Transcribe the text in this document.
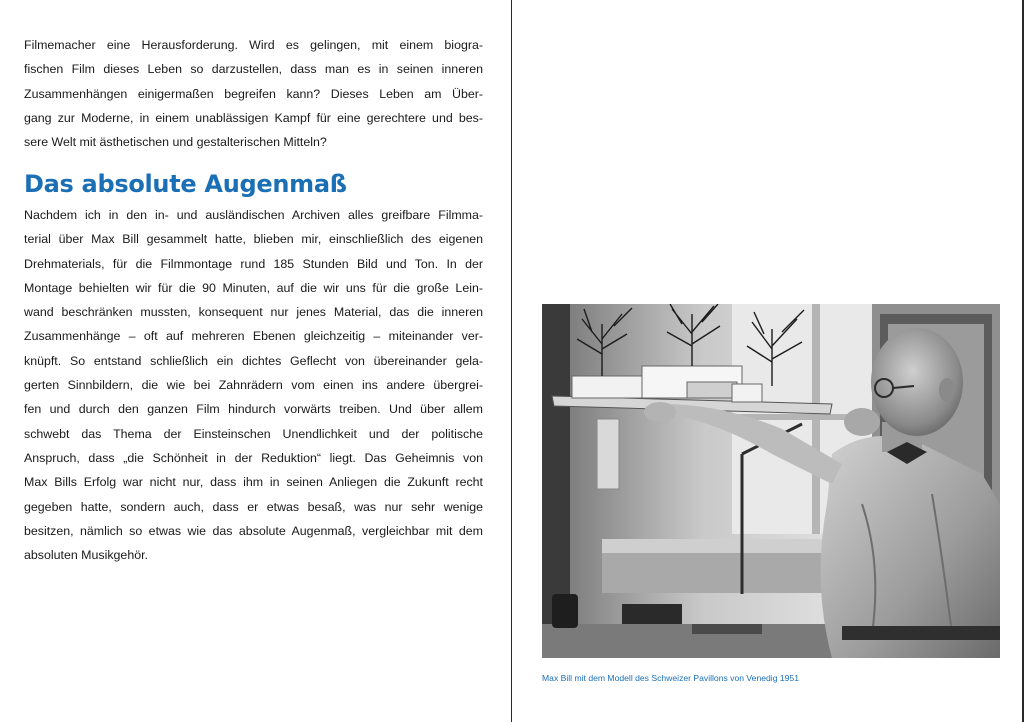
Filmemacher eine Herausforderung. Wird es gelingen, mit einem biogra-
fischen Film dieses Leben so darzustellen, dass man es in seinen inneren
Zusammenhängen einigermaßen begreifen kann? Dieses Leben am Über-
gang zur Moderne, in einem unablässigen Kampf für eine gerechtere und bes-
sere Welt mit ästhetischen und gestalterischen Mitteln?
Das absolute Augenmaß
Nachdem ich in den in- und ausländischen Archiven alles greifbare Filmma-
terial über Max Bill gesammelt hatte, blieben mir, einschließlich des eigenen
Drehmaterials, für die Filmmontage rund 185 Stunden Bild und Ton. In der
Montage behielten wir für die 90 Minuten, auf die wir uns für die große Lein-
wand beschränken mussten, konsequent nur jenes Material, das die inneren
Zusammenhänge – oft auf mehreren Ebenen gleichzeitig – miteinander ver-
knüpft. So entstand schließlich ein dichtes Geflecht von übereinander gela-
gerten Sinnbildern, die wie bei Zahnrädern vom einen ins andere übergrei-
fen und durch den ganzen Film hindurch vorwärts treiben. Und über allem
schwebt das Thema der Einsteinschen Unendlichkeit und der politische
Anspruch, dass „die Schönheit in der Reduktion“ liegt. Das Geheimnis von
Max Bills Erfolg war nicht nur, dass ihm in seinen Anliegen die Zukunft recht
gegeben hatte, sondern auch, dass er etwas besaß, was nur sehr wenige
besitzen, nämlich so etwas wie das absolute Augenmaß, vergleichbar mit dem
absoluten Musikgehör.
Max Bill mit dem Modell des Schweizer Pavillons von Venedig 1951
